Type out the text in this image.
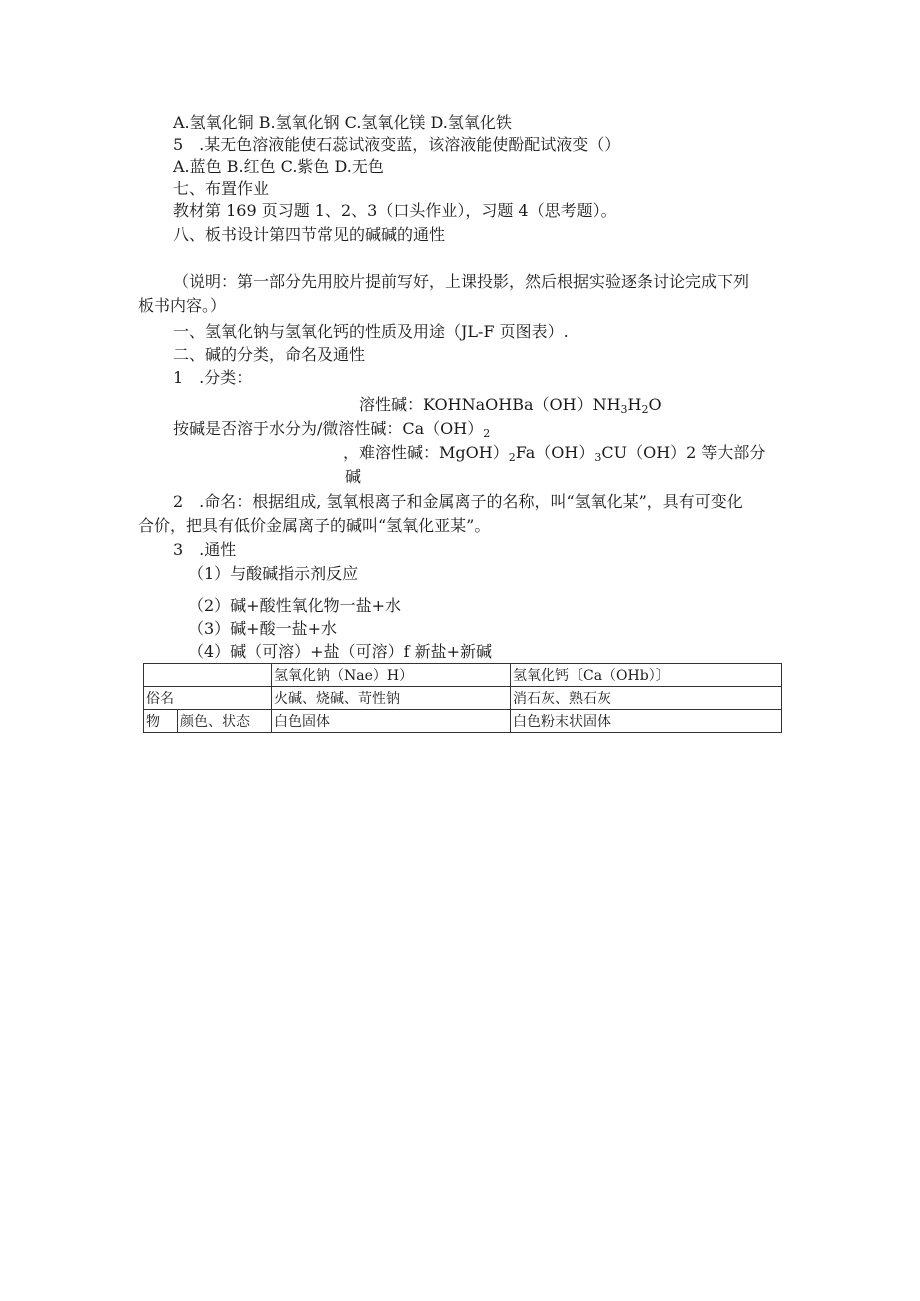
A.氢氧化铜 B.氢氧化钢 C.氢氧化镁 D.氢氧化铁
5　.某无色溶液能使石蕊试液变蓝，该溶液能使酚配试液变（）
A.蓝色 B.红色 C.紫色 D.无色
七、布置作业
教材第 169 页习题 1、2、3（口头作业），习题 4（思考题）。
八、板书设计第四节常见的碱碱的通性
（说明：第一部分先用胶片提前写好，上课投影，然后根据实验逐条讨论完成下列
板书内容。）
一、氢氧化钠与氢氧化钙的性质及用途（JL-F 页图表）.
二、碱的分类，命名及通性
1　.分类：
溶性碱：$KOHNaOHBa(OH)NH_3H_2O$
按碱是否溶于水分为/微溶性碱：$Ca(OH)_2$
，难溶性碱：$MgOH)_2Fa(OH)_3CU(OH)2$ 等大部分
碱
2　.命名：根据组成, 氢氧根离子和金属离子的名称，叫“氢氧化某”，具有可变化
合价，把具有低价金属离子的碱叫“氢氧化亚某”。
3　.通性
（1）与酸碱指示剂反应
（2）碱+酸性氧化物一盐+水
（3）碱+酸一盐+水
（4）碱（可溶）+盐（可溶）f 新盐+新碱
		氢氧化钠（Nae）H）	氢氧化钙〔Ca（OHb）〕
俗名		火碱、烧碱、苛性钠	消石灰、熟石灰
物	颜色、状态	白色固体	白色粉末状固体
